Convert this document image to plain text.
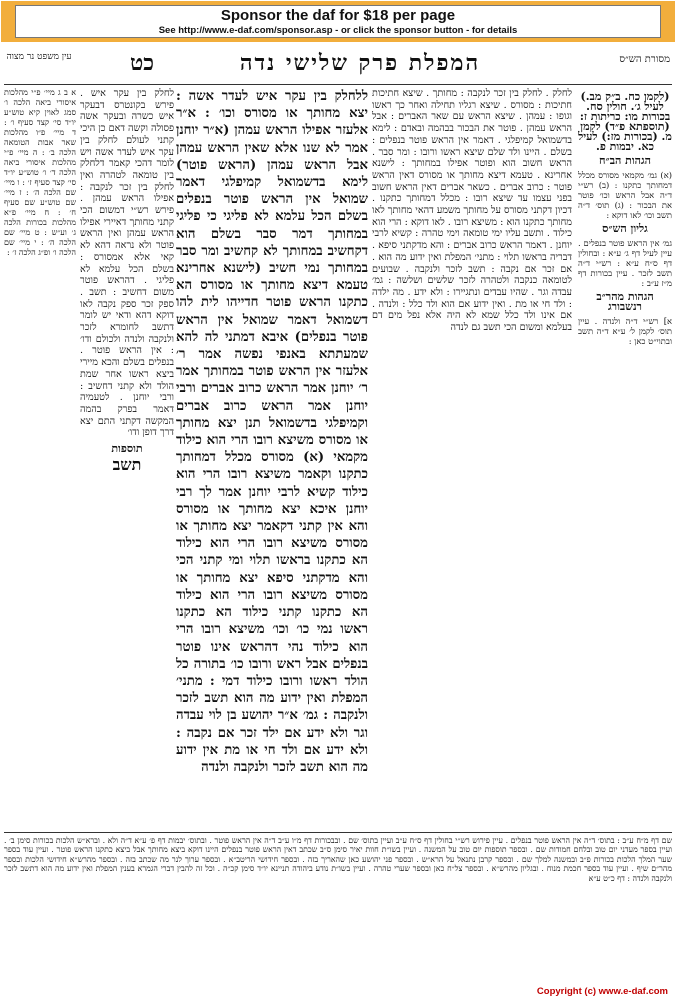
Sponsor the daf for $18 per page
See http://www.e-daf.com/sponsor.asp - or click the sponsor button - for details
מסורת הש״ס
המפלת פרק שלישי נדה
כט
עין משפט נר מצוה
(לקמן כח. ב״ק מב.) לעיל ג׳. חולין סח. בכורות מו: כריתות ז: (תוספתא פ״ד) לקמן מ. (בכורות מז:) לעיל כא. יבמות פ.
הגהות הב״ח
(א) גמ׳ מקמאי מסורס מכלל דמחותך כתקנו : (ב) רש״י ד״ה אבל הראש וכו׳ פוטר את הבכור : (ג) תוס׳ ד״ה תשב וכו׳ לאו דוקא :
גליון הש״ס
גמ׳ אין הראש פוטר בנפלים . עיין לעיל דף ג׳ ע״א : ובחולין דף ס״ח ע״א : רש״י ד״ה תשב לזכר . עיין בכורות דף מ״ז ע״ב :
הגהות מהר״ב רנשבורג
א] רש״י ד״ה ולנדה . עיין תוס׳ לקמן ל׳ ע״א ד״ה תשב ובתוי״ט כאן :
לחלק . לחלק בין זכר לנקבה : מחותך . שיצא חתיכות חתיכות : מסורס . שיצא רגליו תחילה ואחר כך ראשו וגופו : עמהן . שיצא הראש עם שאר האברים : אבל הראש עמהן . פוטר את הבכור בבהמה ובאדם : לימא בדשמואל קמיפלגי . דאמר אין הראש פוטר בנפלים : בשלם . היינו ולד שלם שיצא ראשו ורובו : ומר סבר . הראש חשוב הוא ופוטר אפילו במחותך : לישנא אחרינא . טעמא דיצא מחותך או מסורס דאין הראש פוטר : כרוב אברים . כשאר אברים דאין הראש חשוב בפני עצמו עד שיצא רובו : מכלל דמחותך כתקנו . דכיון דקתני מסורס על מחותך משמע דהאי מחותך לאו מחותך כתקנו הוא : משיצא רובו . לאו דוקא : הרי הוא כילוד . ותשב עליו ימי טומאה וימי טהרה : קשיא לרבי יוחנן . דאמר הראש כרוב אברים : והא מדקתני סיפא . דבריה בראשו תלוי : מתני׳ המפלת ואין ידוע מה הוא . אם זכר אם נקבה : תשב לזכר ולנקבה . שבועים לטומאה כנקבה ולטהרה לזכר שלשים ושלשה : גמ׳ עבדה וגר . שהיו עבדים ונתגיירו : ולא ידע . מה ילדה : ולד חי או מת . ואין ידוע אם הוא ולד כלל : ולנדה . אם אינו ולד כלל שמא לא היה אלא נפל מים דם בעלמא ומשום הכי תשב גם לנדה
ללחלק בין עקר איש לעדר אשה : יצא מחותך או מסורס וכו׳ : א״ר אלעזר אפילו הראש עמהן (א״ר יוחנן אמר לא שנו אלא שאין הראש עמהן אבל הראש עמהן (הראש פוטר) לימא בדשמואל קמיפלגי דאמר שמואל אין הראש פוטר בנפלים בשלם הכל עלמא לא פליגי כי פליגי במחותך דמר סבר בשלם הוא דקחשיב במחותך לא קחשיב ומר סבר במחותך נמי חשיב (לישנא אחרינא טעמא דיצא מחותך או מסורס הא כתקנו הראש פוטר חדייהו לית להו דשמואל דאמר שמואל אין הראש פוטר בנפלים) איבא דמתני לה להא שמעתתא באנפי נפשה אמר ר׳ אלעזר אין הראש פוטר במחותך אמר ר׳ יוחנן אמר הראש כרוב אברים ורבי יוחנן אמר הראש כרוב אברים וקמיפלגי בדשמואל תנן יצא מחותך או מסורס משיצא רובו הרי הוא כילוד מקמאי (א) מסורס מכלל דמחותך כתקנו וקאמר משיצא רובו הרי הוא כילוד קשיא לרבי יוחנן אמר לך רבי יוחנן איכא יצא מחותך או מסורס והא אין קתני דקאמר יצא מחותך או מסורס משיצא רובו הרי הוא כילוד הא כתקנו בראשו תלוי ומי קתני הכי והא מדקתני סיפא יצא מחותך או מסורס משיצא רובו הרי הוא כילוד הא כתקנו קתני כילוד הא כתקנו ראשו נמי כו׳ וכו׳ משיצא רובו הרי הוא כילוד נהי דהראש אינו פוטר בנפלים אבל ראש ורובו כו׳ בתורה כל הולד ראשו ורובו כילוד דמי : מתני׳ המפלת ואין ידוע מה הוא תשב לזכר ולנקבה : גמ׳ א״ר יהושע בן לוי עבדה וגר ולא ידע אם ילד זכר אם נקבה : ולא ידע אם ולד חי או מת אין ידוע מה הוא תשב לזכר ולנקבה ולנדה
לחלק בין עקר איש . פירש בקונטרס דבעקר איש כשרה ובעקר אשה פסולה וקשה דאם כן היכי קתני לעולם לחלק בין עקר איש לעדר אשה ויש לומר דהכי קאמר דלחלק בין טומאה לטהרה ואין לחלק בין זכר לנקבה : אפילו הראש עמהן . פירש רש״י דמשום הכי קתני מחותך דאיירי אפילו הראש עמהן ואין הראש פוטר ולא נראה דהא לא קאי אלא אמסורס : בשלם הכל עלמא לא פליגי . דהראש פוטר משום דחשיב : תשב . ספק זכר ספק נקבה לאו דוקא דהא ודאי יש לומר דתשב לחומרא לזכר ולנקבה ולנדה ולכולם ודו׳ : אין הראש פוטר . בנפלים בשלם והכא מיירי ביצא ראשו אחר שמת הולד ולא קתני דחשיב : ורבי יוחנן . לטעמיה דאמר בפרק בהמה המקשה דקתני התם יצא דרך דופן ודו׳
תוספות
תשב
א ב ג מיי׳ פ״י מהלכות איסורי ביאה הלכה ו׳ סמג לאוין קיא טוש״ע יו״ד סי׳ קצד סעיף ו׳ : ד מיי׳ פ״ו מהלכות שאר אבות הטומאה הלכה ב׳ : ה מיי׳ פ״י מהלכות איסורי ביאה הלכה ד׳ ו׳ טוש״ע יו״ד סי׳ קצד סעיף ז׳ : ו מיי׳ שם הלכה ה׳ : ז מיי׳ שם טוש״ע שם סעיף ח׳ : ח מיי׳ פ״א מהלכות בכורות הלכה ג׳ וע״ש : ט מיי׳ שם הלכה ה׳ : י מיי׳ שם הלכה ו׳ ופ״ג הלכה ז׳ :
שם דף מ״ח ע״ב : בתוס׳ ד״ה אין הראש פוטר בנפלים . עיין פירוש רש״י בחולין דף ס״ח ע״ב ועיין בתוס׳ שם . ובבכורות דף מ״ו ע״ב ד״ה אין הראש פוטר . ובתוס׳ יבמות דף פ׳ ע״א ד״ה ולא . וברא״ש הלכות בכורות סימן ב׳ . ועיין בספר מעדני יום טוב ובלחם חמודות שם . ובספר תוספות יום טוב על המשנה . ועיין בשו״ת חוות יאיר סימן ס״ב שכתב דאין הראש פוטר בנפלים היינו דוקא ביצא מחותך אבל ביצא כתקנו הראש פוטר . ועיין עוד בספר שער המלך הלכות בכורות פ״ב ובמשנה למלך שם . ובספר קרבן נתנאל על הרא״ש . ובספר פני יהושע כאן שהאריך בזה . ובספר חידושי הריטב״א . ובספר ערוך לנר מה שכתב בזה . ובספר מהרש״א חידושי הלכות ובספר מהר״ם שיף . ועיין עוד בספר חכמת מנוח . ובגליון מהרש״א . ובספר צל״ח כאן ובספר שערי טהרה . ועיין בשו״ת נודע ביהודה תניינא יו״ד סימן קכ״ה . וכל זה להבין דברי הגמרא בענין המפלת ואין ידוע מה הוא דתשב לזכר ולנקבה ולנדה : דף כ״ט ע״א
Copyright (c) www.e-daf.com
